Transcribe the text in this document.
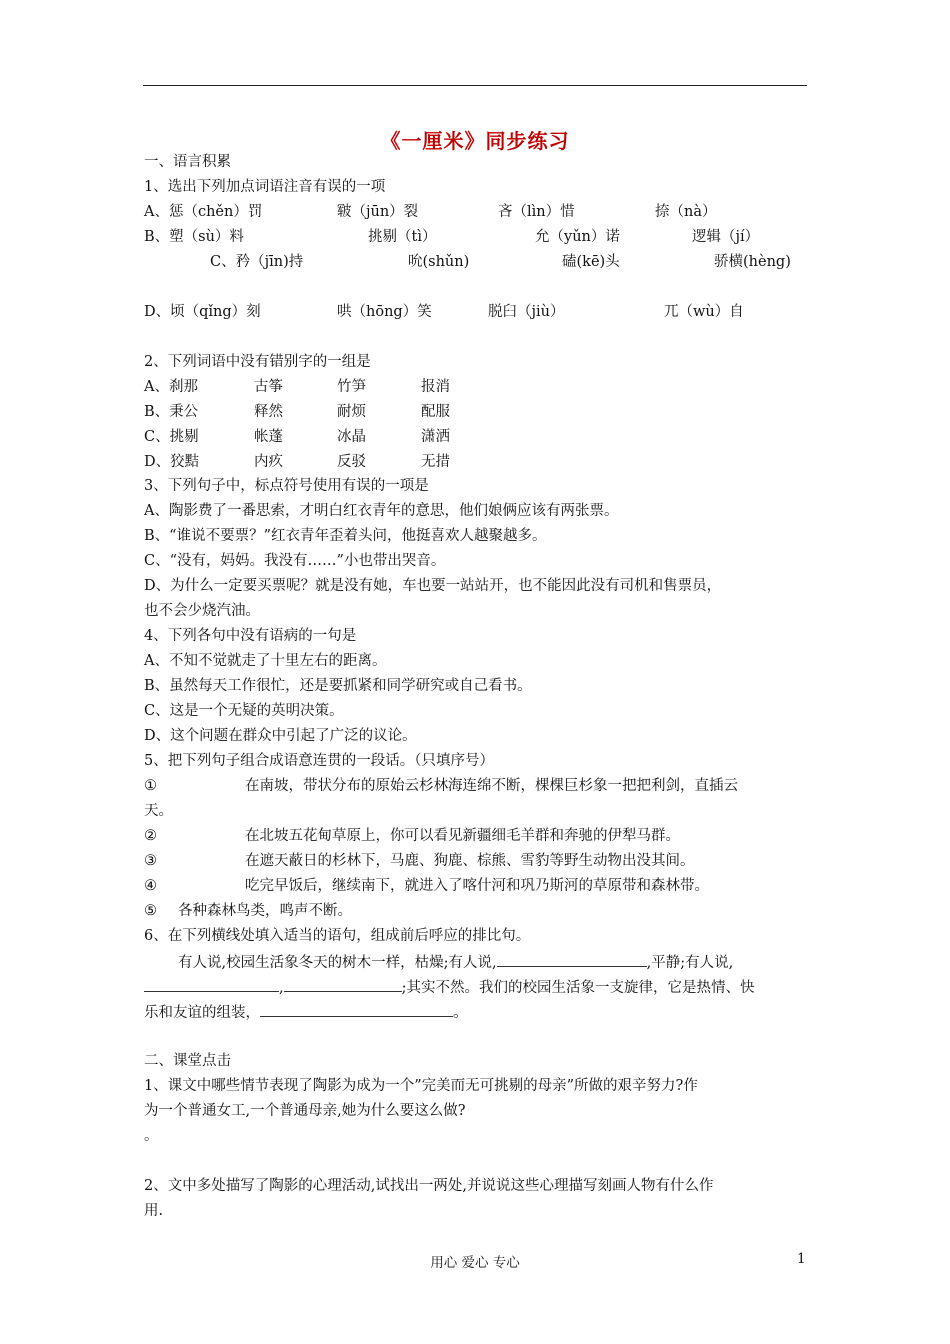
《一厘米》同步练习
一、语言积累
1、选出下列加点词语注音有误的一项
A、惩（chěn）罚	皲（jūn）裂	吝（lìn）惜	捺（nà）
B、塑（sù）料	挑剔（tì）	允（yǔn）诺	逻辑（jí）
C、矜（jīn)持	吮(shǔn)	磕(kē)头	骄横(hèng)
D、顷（qǐng）刻	哄（hōng）笑	脱臼（jiù）	兀（wù）自
2、下列词语中没有错别字的一组是
A、刹那	古筝	竹笋	报消
B、秉公	释然	耐烦	配服
C、挑剔	帐蓬	冰晶	潇洒
D、狡黠	内疚	反驳	无措
3、下列句子中，标点符号使用有误的一项是
A、陶影费了一番思索，才明白红衣青年的意思，他们娘俩应该有两张票。
B、“谁说不要票？”红衣青年歪着头问，他挺喜欢人越聚越多。
C、“没有，妈妈。我没有……”小也带出哭音。
D、为什么一定要买票呢？就是没有她，车也要一站站开，也不能因此没有司机和售票员，
也不会少烧汽油。
4、下列各句中没有语病的一句是
A、不知不觉就走了十里左右的距离。
B、虽然每天工作很忙，还是要抓紧和同学研究或自己看书。
C、这是一个无疑的英明决策。
D、这个问题在群众中引起了广泛的议论。
5、把下列句子组合成语意连贯的一段话。（只填序号）
①	在南坡，带状分布的原始云杉林海连绵不断，棵棵巨杉象一把把利剑，直插云
天。
②	在北坡五花甸草原上，你可以看见新疆细毛羊群和奔驰的伊犁马群。
③	在遮天蔽日的杉林下，马鹿、狗鹿、棕熊、雪豹等野生动物出没其间。
④	吃完早饭后，继续南下，就进入了喀什河和巩乃斯河的草原带和森林带。
⑤ 各种森林鸟类，鸣声不断。
6、在下列横线处填入适当的语句，组成前后呼应的排比句。
有人说,校园生活象冬天的树木一样，枯燥;有人说,	,平静;有人说,
,	;其实不然。我们的校园生活象一支旋律，它是热情、快
乐和友谊的组装，	。
二、课堂点击
1、课文中哪些情节表现了陶影为成为一个”完美而无可挑剔的母亲”所做的艰辛努力?作
为一个普通女工,一个普通母亲,她为什么要这么做?
。
2、文中多处描写了陶影的心理活动,试找出一两处,并说说这些心理描写刻画人物有什么作
用.
用心 爱心 专心	1
